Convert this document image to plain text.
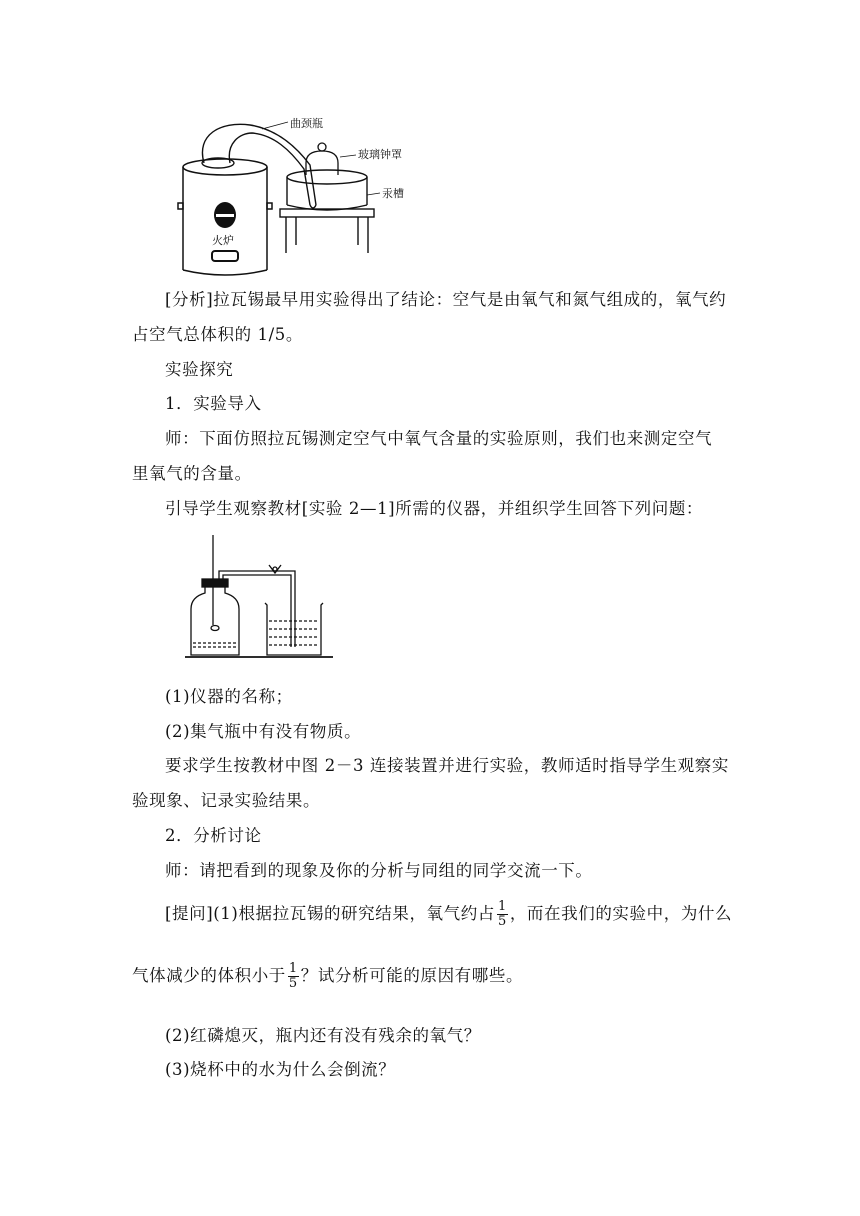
火炉
曲颈瓶
玻璃钟罩
汞槽
[分析]拉瓦锡最早用实验得出了结论：空气是由氧气和氮气组成的，氧气约
占空气总体积的 1/5。
实验探究
1．实验导入
师：下面仿照拉瓦锡测定空气中氧气含量的实验原则，我们也来测定空气
里氧气的含量。
引导学生观察教材[实验 2—1]所需的仪器，并组织学生回答下列问题：
(1)仪器的名称；
(2)集气瓶中有没有物质。
要求学生按教材中图 2－3 连接装置并进行实验，教师适时指导学生观察实
验现象、记录实验结果。
2．分析讨论
师：请把看到的现象及你的分析与同组的同学交流一下。
[提问](1)根据拉瓦锡的研究结果，氧气约占 $\frac{1}{5}$ ，而在我们的实验中，为什么
气体减少的体积小于 $\frac{1}{5}$ ？试分析可能的原因有哪些。
(2)红磷熄灭，瓶内还有没有残余的氧气？
(3)烧杯中的水为什么会倒流？
